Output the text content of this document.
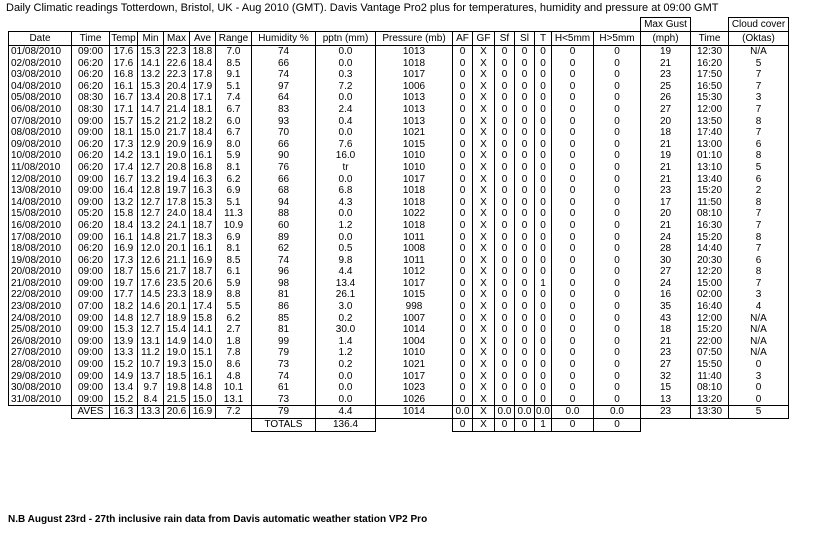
Daily Climatic readings Totterdown, Bristol, UK - Aug 2010 (GMT). Davis Vantage Pro2 plus for temperatures, humidity and pressure at 09:00 GMT
																	Max Gust		Cloud cover
Date	Time	Temp	Min	Max	Ave	Range	Humidity %	pptn (mm)	Pressure (mb)	AF	GF	Sf	Sl	T	H<5mm	H>5mm	(mph)	Time	(Oktas)
01/08/2010	09:00	17.6	15.3	22.3	18.8	7.0	74	0.0	1013	0	X	0	0	0	0	0	19	12:30	N/A
02/08/2010	06:20	17.6	14.1	22.6	18.4	8.5	66	0.0	1018	0	X	0	0	0	0	0	21	16:20	5
03/08/2010	06:20	16.8	13.2	22.3	17.8	9.1	74	0.3	1017	0	X	0	0	0	0	0	23	17:50	7
04/08/2010	06:20	16.1	15.3	20.4	17.9	5.1	97	7.2	1006	0	X	0	0	0	0	0	25	16:50	7
05/08/2010	08:30	16.7	13.4	20.8	17.1	7.4	64	0.0	1013	0	X	0	0	0	0	0	26	15:30	3
06/08/2010	08:30	17.1	14.7	21.4	18.1	6.7	83	2.4	1013	0	X	0	0	0	0	0	27	12:00	7
07/08/2010	09:00	15.7	15.2	21.2	18.2	6.0	93	0.4	1013	0	X	0	0	0	0	0	20	13:50	8
08/08/2010	09:00	18.1	15.0	21.7	18.4	6.7	70	0.0	1021	0	X	0	0	0	0	0	18	17:40	7
09/08/2010	06:20	17.3	12.9	20.9	16.9	8.0	66	7.6	1015	0	X	0	0	0	0	0	21	13:00	6
10/08/2010	06:20	14.2	13.1	19.0	16.1	5.9	90	16.0	1010	0	X	0	0	0	0	0	19	01:10	8
11/08/2010	06:20	17.4	12.7	20.8	16.8	8.1	76	tr	1010	0	X	0	0	0	0	0	21	13:10	5
12/08/2010	09:00	16.7	13.2	19.4	16.3	6.2	66	0.0	1017	0	X	0	0	0	0	0	21	13:40	6
13/08/2010	09:00	16.4	12.8	19.7	16.3	6.9	68	6.8	1018	0	X	0	0	0	0	0	23	15:20	2
14/08/2010	09:00	13.2	12.7	17.8	15.3	5.1	94	4.3	1018	0	X	0	0	0	0	0	17	11:50	8
15/08/2010	05:20	15.8	12.7	24.0	18.4	11.3	88	0.0	1022	0	X	0	0	0	0	0	20	08:10	7
16/08/2010	06:20	18.4	13.2	24.1	18.7	10.9	60	1.2	1018	0	X	0	0	0	0	0	21	16:30	7
17/08/2010	09:00	16.1	14.8	21.7	18.3	6.9	89	0.0	1011	0	X	0	0	0	0	0	24	15:20	8
18/08/2010	06:20	16.9	12.0	20.1	16.1	8.1	62	0.5	1008	0	X	0	0	0	0	0	28	14:40	7
19/08/2010	06:20	17.3	12.6	21.1	16.9	8.5	74	9.8	1011	0	X	0	0	0	0	0	30	20:30	6
20/08/2010	09:00	18.7	15.6	21.7	18.7	6.1	96	4.4	1012	0	X	0	0	0	0	0	27	12:20	8
21/08/2010	09:00	19.7	17.6	23.5	20.6	5.9	98	13.4	1017	0	X	0	0	1	0	0	24	15:00	7
22/08/2010	09:00	17.7	14.5	23.3	18.9	8.8	81	26.1	1015	0	X	0	0	0	0	0	16	02:00	3
23/08/2010	07:00	18.2	14.6	20.1	17.4	5.5	86	3.0	998	0	X	0	0	0	0	0	35	16:40	4
24/08/2010	09:00	14.8	12.7	18.9	15.8	6.2	85	0.2	1007	0	X	0	0	0	0	0	43	12:00	N/A
25/08/2010	09:00	15.3	12.7	15.4	14.1	2.7	81	30.0	1014	0	X	0	0	0	0	0	18	15:20	N/A
26/08/2010	09:00	13.9	13.1	14.9	14.0	1.8	99	1.4	1004	0	X	0	0	0	0	0	21	22:00	N/A
27/08/2010	09:00	13.3	11.2	19.0	15.1	7.8	79	1.2	1010	0	X	0	0	0	0	0	23	07:50	N/A
28/08/2010	09:00	15.2	10.7	19.3	15.0	8.6	73	0.2	1021	0	X	0	0	0	0	0	27	15:50	0
29/08/2010	09:00	14.9	13.7	18.5	16.1	4.8	74	0.0	1017	0	X	0	0	0	0	0	32	11:40	3
30/08/2010	09:00	13.4	9.7	19.8	14.8	10.1	61	0.0	1023	0	X	0	0	0	0	0	15	08:10	0
31/08/2010	09:00	15.2	8.4	21.5	15.0	13.1	73	0.0	1026	0	X	0	0	0	0	0	13	13:20	0
	AVES	16.3	13.3	20.6	16.9	7.2	79	4.4	1014	0.0	X	0.0	0.0	0.0	0.0	0.0	23	13:30	5
							TOTALS	136.4		0	X	0	0	1	0	0			
N.B August 23rd - 27th inclusive rain data from Davis automatic weather station VP2 Pro
